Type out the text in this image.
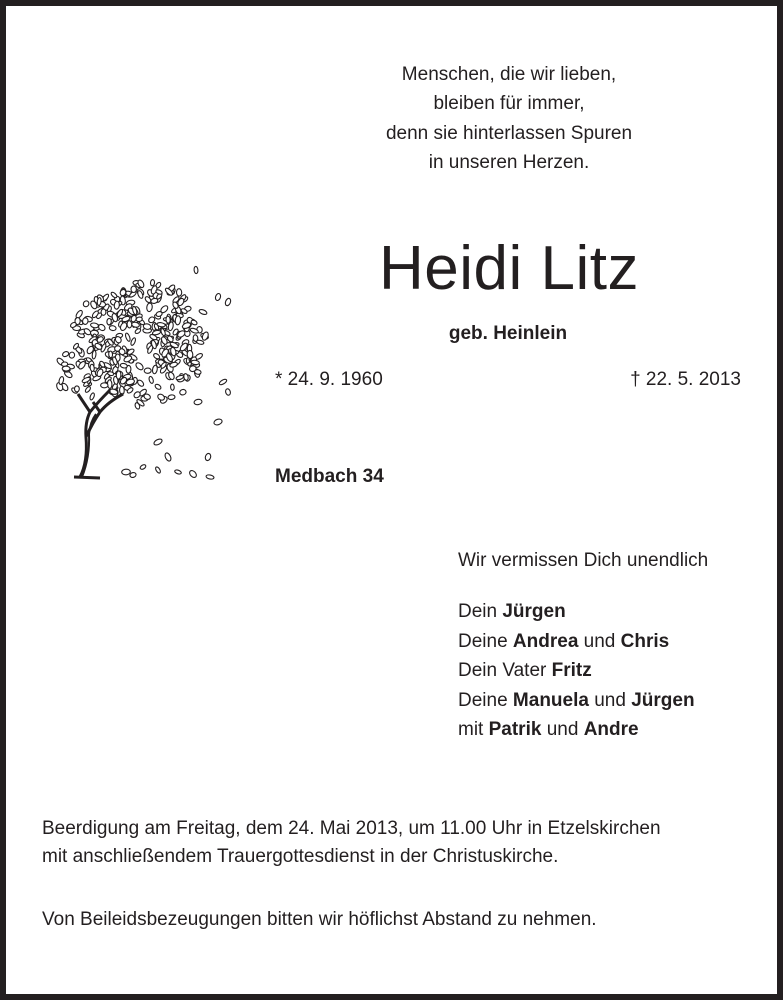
Menschen, die wir lieben,
bleiben für immer,
denn sie hinterlassen Spuren
in unseren Herzen.
Heidi Litz
geb. Heinlein
* 24. 9. 1960	† 22. 5. 2013
Medbach 34
Wir vermissen Dich unendlich
Dein Jürgen
Deine Andrea und Chris
Dein Vater Fritz
Deine Manuela und Jürgen
mit Patrik und Andre
Beerdigung am Freitag, dem 24. Mai 2013, um 11.00 Uhr in Etzelskirchen
mit anschließendem Trauergottesdienst in der Christuskirche.
Von Beileidsbezeugungen bitten wir höflichst Abstand zu nehmen.
